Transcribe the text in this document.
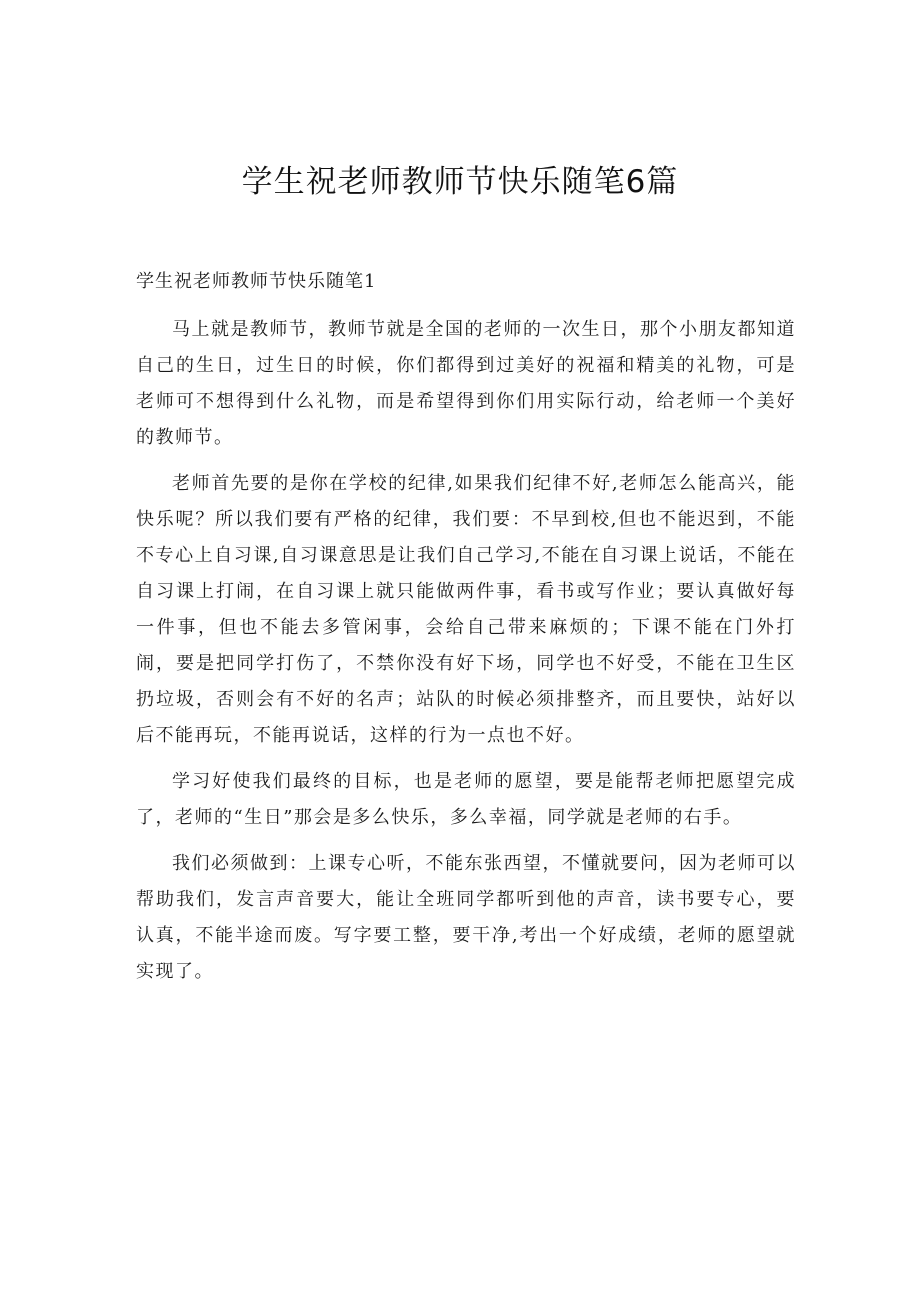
学生祝老师教师节快乐随笔6篇
学生祝老师教师节快乐随笔1

马上就是教师节，教师节就是全国的老师的一次生日，那个小朋友都知道自己的生日，过生日的时候，你们都得到过美好的祝福和精美的礼物，可是老师可不想得到什么礼物，而是希望得到你们用实际行动，给老师一个美好的教师节。

老师首先要的是你在学校的纪律,如果我们纪律不好,老师怎么能高兴，能快乐呢？所以我们要有严格的纪律，我们要：不早到校,但也不能迟到，不能不专心上自习课,自习课意思是让我们自己学习,不能在自习课上说话，不能在自习课上打闹，在自习课上就只能做两件事，看书或写作业；要认真做好每一件事，但也不能去多管闲事，会给自己带来麻烦的；下课不能在门外打闹，要是把同学打伤了，不禁你没有好下场，同学也不好受，不能在卫生区扔垃圾，否则会有不好的名声；站队的时候必须排整齐，而且要快，站好以后不能再玩，不能再说话，这样的行为一点也不好。

学习好使我们最终的目标，也是老师的愿望，要是能帮老师把愿望完成了，老师的“生日”那会是多么快乐，多么幸福，同学就是老师的右手。

我们必须做到：上课专心听，不能东张西望，不懂就要问，因为老师可以帮助我们，发言声音要大，能让全班同学都听到他的声音，读书要专心，要认真，不能半途而废。写字要工整，要干净,考出一个好成绩，老师的愿望就实现了。
